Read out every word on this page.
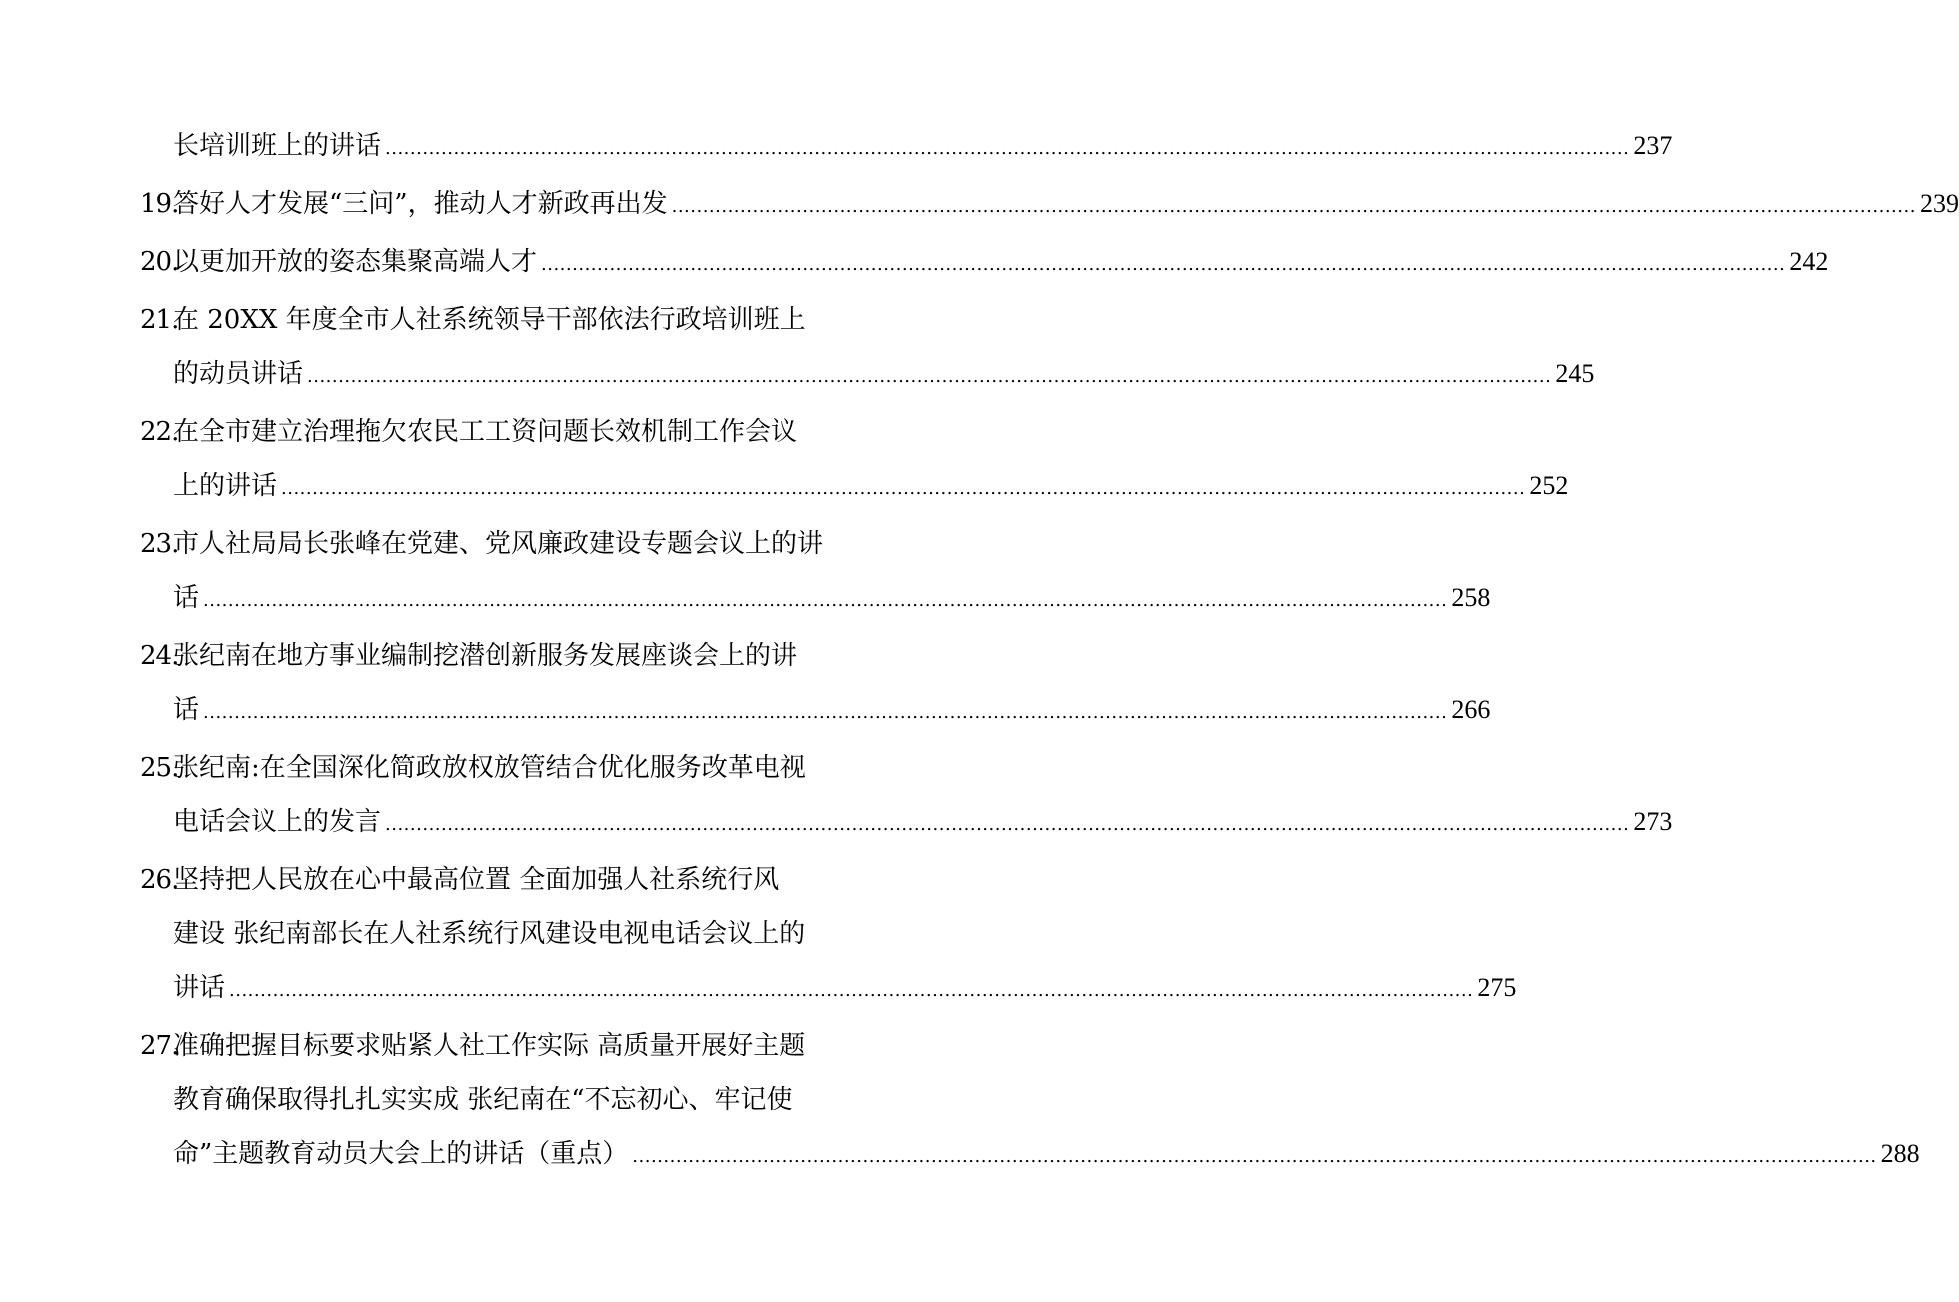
长培训班上的讲话 ........................................................................................................................................................................................................ 237
19.
答好人才发展“三问”，推动人才新政再出发 ........................................................................................................................................................................................................ 239
20.
以更加开放的姿态集聚高端人才 ........................................................................................................................................................................................................ 242
21.
在 20XX 年度全市人社系统领导干部依法行政培训班上
的动员讲话 ........................................................................................................................................................................................................ 245
22.
在全市建立治理拖欠农民工工资问题长效机制工作会议
上的讲话 ........................................................................................................................................................................................................ 252
23.
市人社局局长张峰在党建、党风廉政建设专题会议上的讲
话 ........................................................................................................................................................................................................ 258
24.
张纪南在地方事业编制挖潜创新服务发展座谈会上的讲
话 ........................................................................................................................................................................................................ 266
25.
张纪南:在全国深化简政放权放管结合优化服务改革电视
电话会议上的发言 ........................................................................................................................................................................................................ 273
26.
坚持把人民放在心中最高位置 全面加强人社系统行风
建设 张纪南部长在人社系统行风建设电视电话会议上的
讲话 ........................................................................................................................................................................................................ 275
27.
准确把握目标要求贴紧人社工作实际 高质量开展好主题
教育确保取得扎扎实实成 张纪南在“不忘初心、牢记使
命”主题教育动员大会上的讲话（重点） ........................................................................................................................................................................................................ 288
